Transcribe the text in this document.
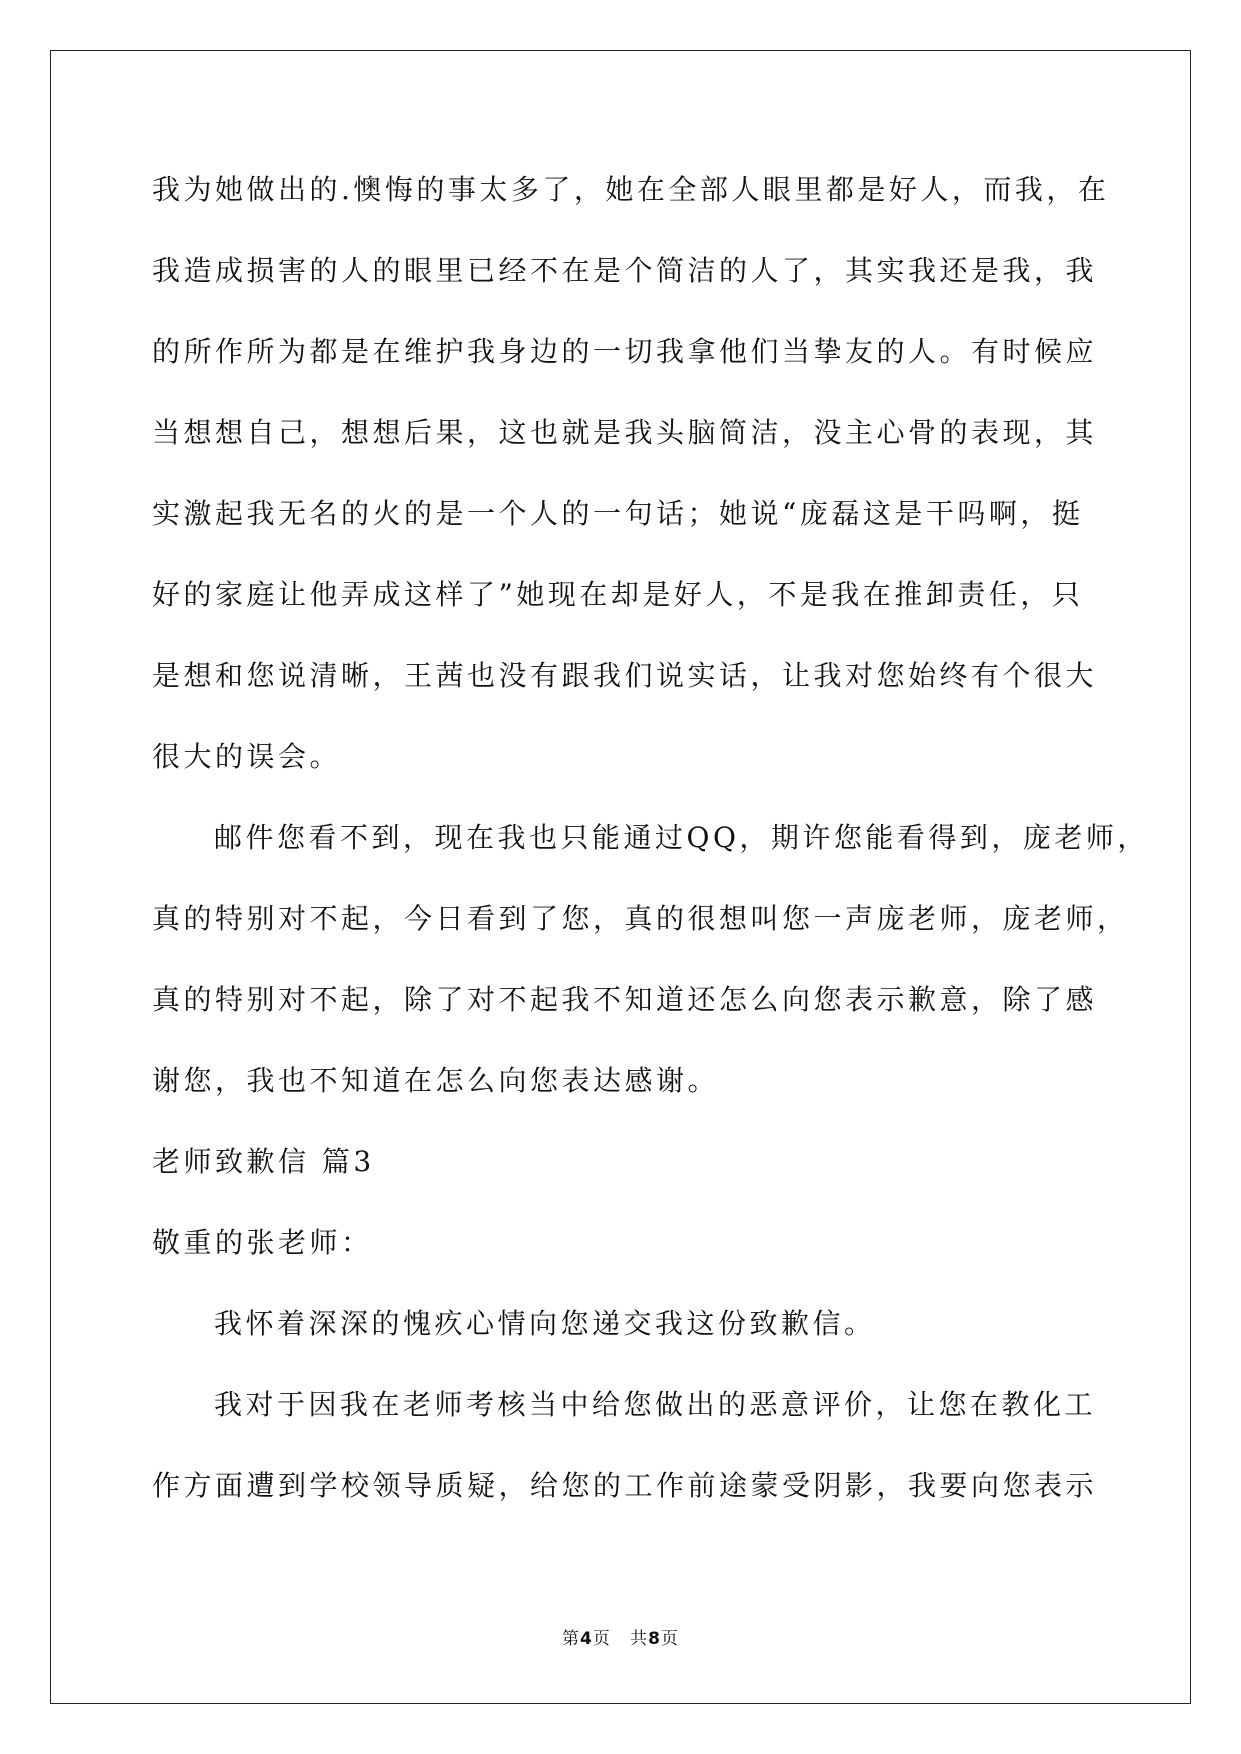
我为她做出的.懊悔的事太多了，她在全部人眼里都是好人，而我，在
我造成损害的人的眼里已经不在是个简洁的人了，其实我还是我，我
的所作所为都是在维护我身边的一切我拿他们当挚友的人。有时候应
当想想自己，想想后果，这也就是我头脑简洁，没主心骨的表现，其
实激起我无名的火的是一个人的一句话；她说“庞磊这是干吗啊，挺
好的家庭让他弄成这样了”她现在却是好人，不是我在推卸责任，只
是想和您说清晰，王茜也没有跟我们说实话，让我对您始终有个很大
很大的误会。
邮件您看不到，现在我也只能通过QQ，期许您能看得到，庞老师，
真的特别对不起，今日看到了您，真的很想叫您一声庞老师，庞老师，
真的特别对不起，除了对不起我不知道还怎么向您表示歉意，除了感
谢您，我也不知道在怎么向您表达感谢。
老师致歉信 篇3
敬重的张老师：
我怀着深深的愧疚心情向您递交我这份致歉信。
我对于因我在老师考核当中给您做出的恶意评价，让您在教化工
作方面遭到学校领导质疑，给您的工作前途蒙受阴影，我要向您表示
第4页   共8页
